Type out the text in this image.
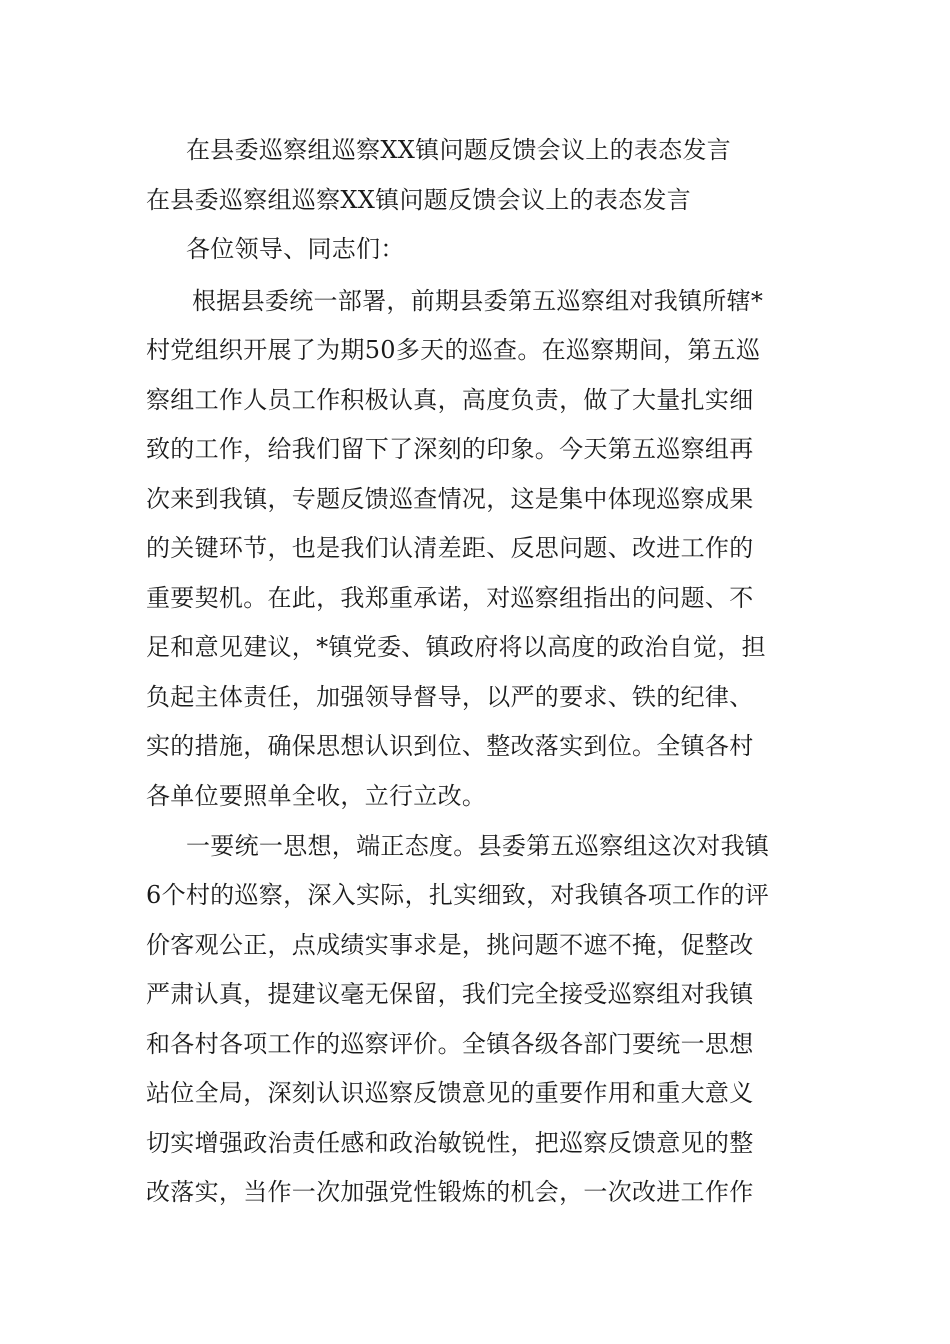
在县委巡察组巡察XX镇问题反馈会议上的表态发言
在县委巡察组巡察XX镇问题反馈会议上的表态发言
各位领导、同志们：
根据县委统一部署，前期县委第五巡察组对我镇所辖*
村党组织开展了为期50多天的巡查。在巡察期间，第五巡
察组工作人员工作积极认真，高度负责，做了大量扎实细
致的工作，给我们留下了深刻的印象。今天第五巡察组再
次来到我镇，专题反馈巡查情况，这是集中体现巡察成果
的关键环节，也是我们认清差距、反思问题、改进工作的
重要契机。在此，我郑重承诺，对巡察组指出的问题、不
足和意见建议，*镇党委、镇政府将以高度的政治自觉，担
负起主体责任，加强领导督导，以严的要求、铁的纪律、
实的措施，确保思想认识到位、整改落实到位。全镇各村
各单位要照单全收，立行立改。
一要统一思想，端正态度。县委第五巡察组这次对我镇
6个村的巡察，深入实际，扎实细致，对我镇各项工作的评
价客观公正，点成绩实事求是，挑问题不遮不掩，促整改
严肃认真，提建议毫无保留，我们完全接受巡察组对我镇
和各村各项工作的巡察评价。全镇各级各部门要统一思想
站位全局，深刻认识巡察反馈意见的重要作用和重大意义
切实增强政治责任感和政治敏锐性，把巡察反馈意见的整
改落实，当作一次加强党性锻炼的机会，一次改进工作作
